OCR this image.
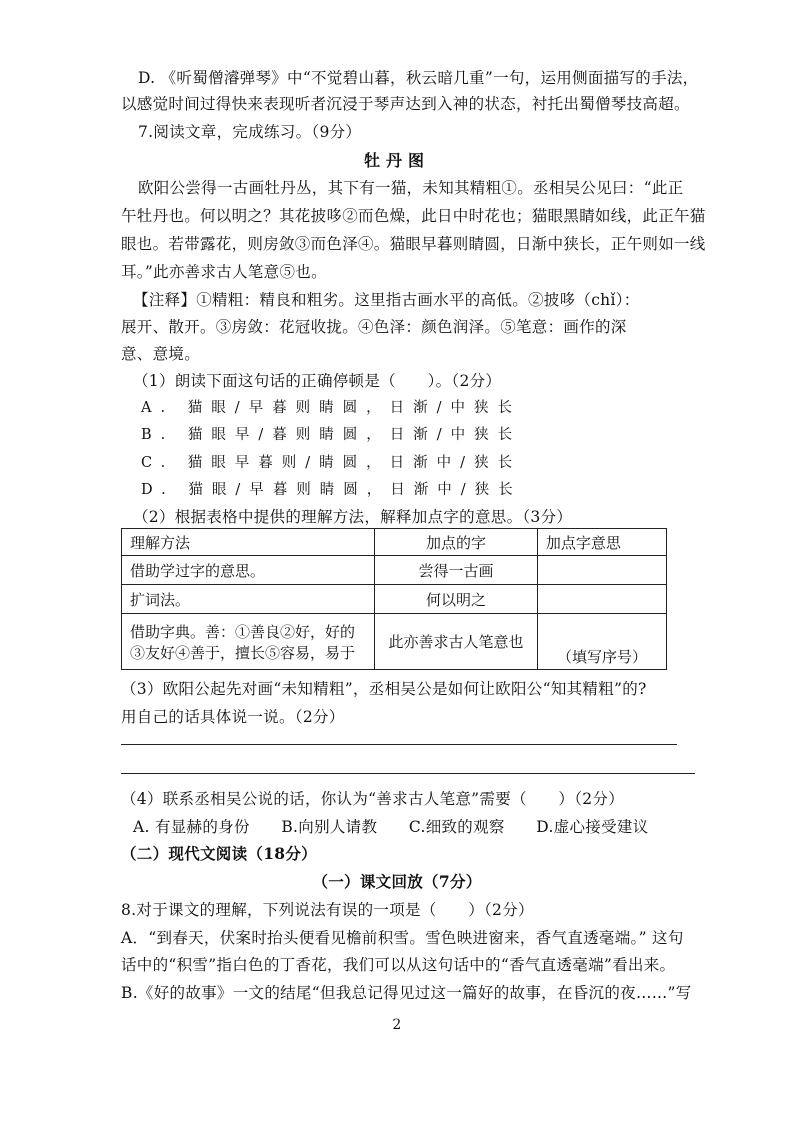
D. 《听蜀僧濬弹琴》中“不觉碧山暮，秋云暗几重”一句，运用侧面描写的手法，
以感觉时间过得快来表现听者沉浸于琴声达到入神的状态，衬托出蜀僧琴技高超。
7.阅读文章，完成练习。（9分）
牡丹图
欧阳公尝得一古画牡丹丛，其下有一猫，未知其精粗①。丞相吴公见曰：“此正
午牡丹也。何以明之？其花披哆②而色燥，此日中时花也；猫眼黑睛如线，此正午猫
眼也。若带露花，则房敛③而色泽④。猫眼早暮则睛圆，日渐中狭长，正午则如一线
耳。”此亦善求古人笔意⑤也。
【注释】①精粗：精良和粗劣。这里指古画水平的高低。②披哆（chǐ）：
展开、散开。③房敛：花冠收拢。④色泽：颜色润泽。⑤笔意：画作的深
意、意境。
（1）朗读下面这句话的正确停顿是（　　）。（2分）
A. 猫眼/早暮则睛圆，日渐/中狭长
B. 猫眼早/暮则睛圆，日渐/中狭长
C. 猫眼早暮则/睛圆，日渐中/狭长
D. 猫眼/早暮则睛圆，日渐中/狭长
（2）根据表格中提供的理解方法，解释加点字的意思。（3分）
理解方法	加点的字	加点字意思
借助学过字的意思。	尝得一古画	
扩词法。	何以明之	

借助字典。善：①善良②好，好的
③友好④善于，擅长⑤容易，易于	此亦善求古人笔意也	（填写序号）
（3）欧阳公起先对画“未知精粗”，丞相吴公是如何让欧阳公“知其精粗”的?
用自己的话具体说一说。（2分）
（4）联系丞相吴公说的话，你认为“善求古人笔意”需要（　　）（2分）
A. 有显赫的身份　　B.向别人请教　　C.细致的观察　　D.虚心接受建议
（二）现代文阅读（18分）
（一）课文回放（7分）
8.对于课文的理解，下列说法有误的一项是（　　）（2分）
A．“到春天，伏案时抬头便看见檐前积雪。雪色映进窗来，香气直透毫端。” 这句
话中的“积雪”指白色的丁香花，我们可以从这句话中的“香气直透毫端”看出来。
B.《好的故事》一文的结尾“但我总记得见过这一篇好的故事，在昏沉的夜……”写
2
